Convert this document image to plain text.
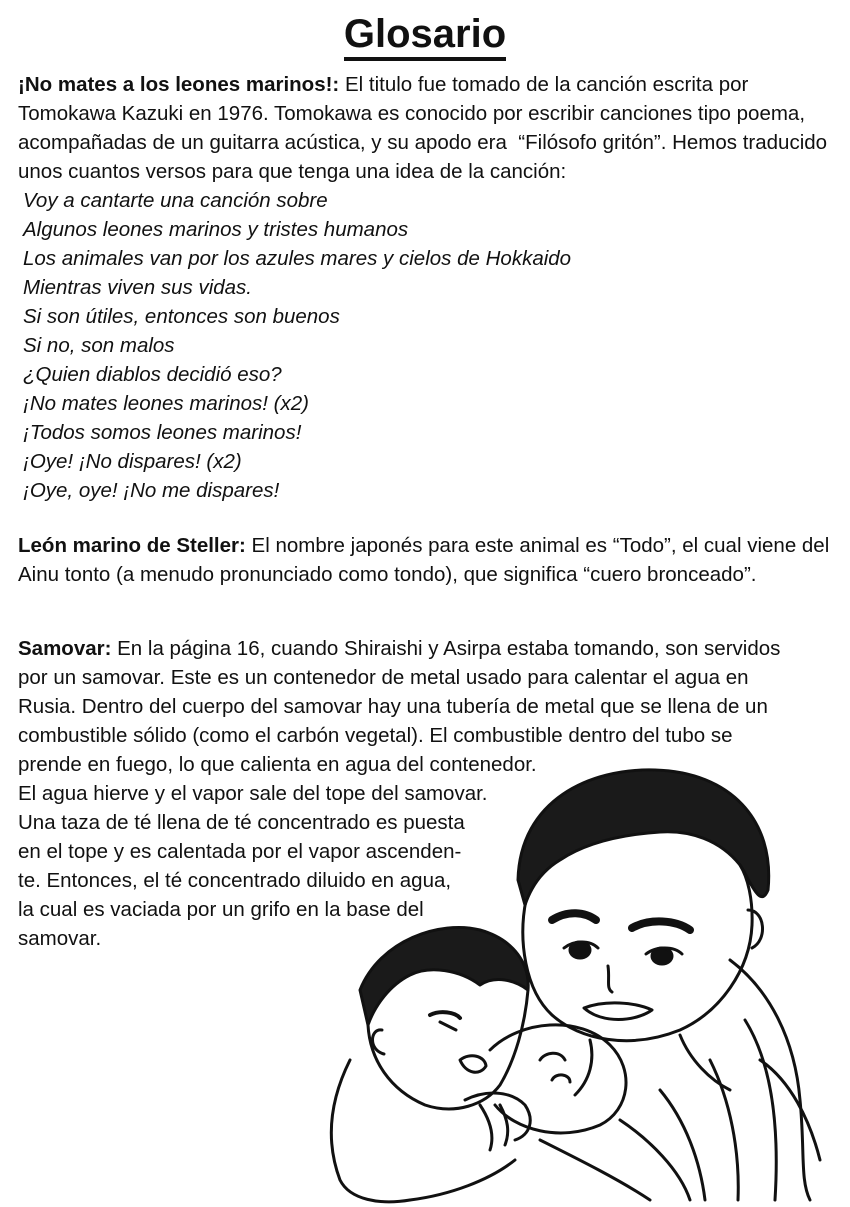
Glosario

¡No mates a los leones marinos!: El titulo fue tomado de la canción escrita por Tomokawa Kazuki en 1976. Tomokawa es conocido por escribir canciones tipo poema, acompañadas de un guitarra acústica, y su apodo era  “Filósofo gritón”. Hemos traducido unos cuantos versos para que tenga una idea de la canción:

Voy a cantarte una canción sobre
Algunos leones marinos y tristes humanos
Los animales van por los azules mares y cielos de Hokkaido
Mientras viven sus vidas.
Si son útiles, entonces son buenos
Si no, son malos
¿Quien diablos decidió eso?
¡No mates leones marinos! (x2)
¡Todos somos leones marinos!
¡Oye! ¡No dispares! (x2)
¡Oye, oye! ¡No me dispares!

León marino de Steller: El nombre japonés para este animal es “Todo”, el cual viene del Ainu tonto (a menudo pronunciado como tondo), que significa “cuero bronceado”.

Samovar: En la página 16, cuando Shiraishi y Asirpa estaba tomando, son servidos
por un samovar. Este es un contenedor de metal usado para calentar el agua en
Rusia. Dentro del cuerpo del samovar hay una tubería de metal que se llena de un
combustible sólido (como el carbón vegetal). El combustible dentro del tubo se
prende en fuego, lo que calienta en agua del contenedor.
El agua hierve y el vapor sale del tope del samovar.
Una taza de té llena de té concentrado es puesta
en el tope y es calentada por el vapor ascenden-
te. Entonces, el té concentrado diluido en agua,
la cual es vaciada por un grifo en la base del
samovar.
